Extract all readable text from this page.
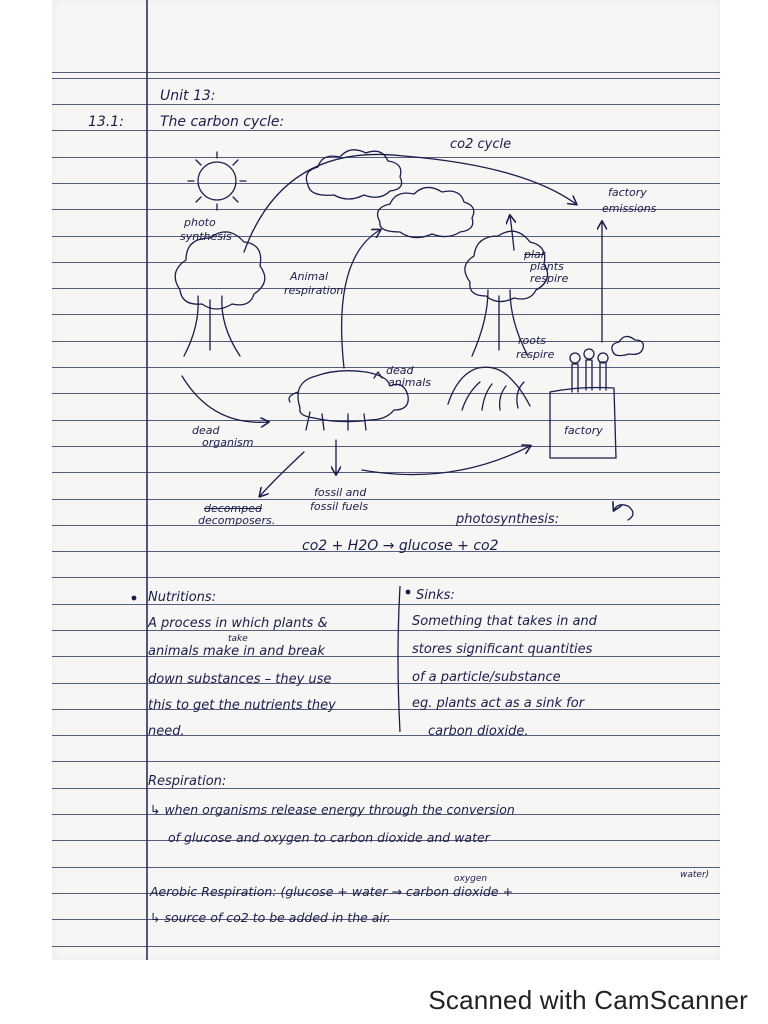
Unit 13:
13.1:	The carbon cycle:
co2 cycle
factory
emissions
photo
synthesis
Animal
respiration
plar
plants
respire
roots
respire
dead
animals
factory
dead
organism
decomped
decomposers.
fossil and
fossil fuels
photosynthesis:
co2 + H2O → glucose + co2
Nutritions:	Sinks:
take
A process in which plants &
animals make in and break
down substances – they use
this to get the nutrients they
need.
Something that takes in and
stores significant quantities
of a particle/substance
eg. plants act as a sink for
carbon dioxide.
Respiration:
↳ when organisms release energy through the conversion
of glucose and oxygen to carbon dioxide and water
oxygen	water)
Aerobic Respiration: (glucose + water → carbon dioxide +
↳ source of co2 to be added in the air.
Scanned with CamScanner
